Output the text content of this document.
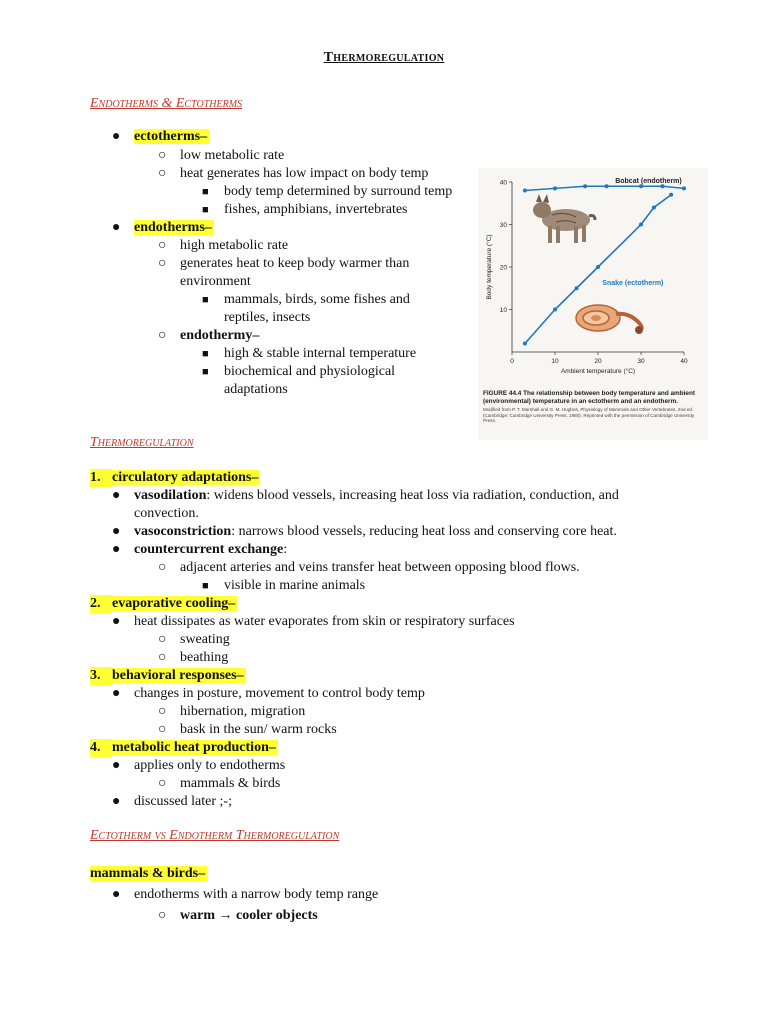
Thermoregulation
Endotherms & Ectotherms
● ectotherms–
○ low metabolic rate
○ heat generates has low impact on body temp
■ body temp determined by surround temp
■ fishes, amphibians, invertebrates
● endotherms–
○ high metabolic rate
○ generates heat to keep body warmer than
environment
■ mammals, birds, some fishes and
reptiles, insects
○ endothermy–
■ high & stable internal temperature
■ biochemical and physiological
adaptations
0	10	20	30	40
10
20
30
40	Bobcat (endotherm)
Snake (ectotherm)
Ambient temperature (°C)
Body temperature (°C)
FIGURE 44.4 The relationship between body temperature and ambient (environmental) temperature in an ectotherm and an endotherm.
Modified from P. T. Marshall and G. M. Hughes, Physiology of Mammals and Other Vertebrates, 2nd ed. (Cambridge: Cambridge University Press, 1980). Reprinted with the permission of Cambridge University Press.
Thermoregulation
1. circulatory adaptations–
● vasodilation: widens blood vessels, increasing heat loss via radiation, conduction, and
convection.
● vasoconstriction: narrows blood vessels, reducing heat loss and conserving core heat.
● countercurrent exchange:
○ adjacent arteries and veins transfer heat between opposing blood flows.
■ visible in marine animals
2. evaporative cooling–
● heat dissipates as water evaporates from skin or respiratory surfaces
○ sweating
○ beathing
3. behavioral responses–
● changes in posture, movement to control body temp
○ hibernation, migration
○ bask in the sun/ warm rocks
4. metabolic heat production–
● applies only to endotherms
○ mammals & birds
● discussed later ;-;
Ectotherm vs Endotherm Thermoregulation
mammals & birds–
● endotherms with a narrow body temp range
○ warm → cooler objects
